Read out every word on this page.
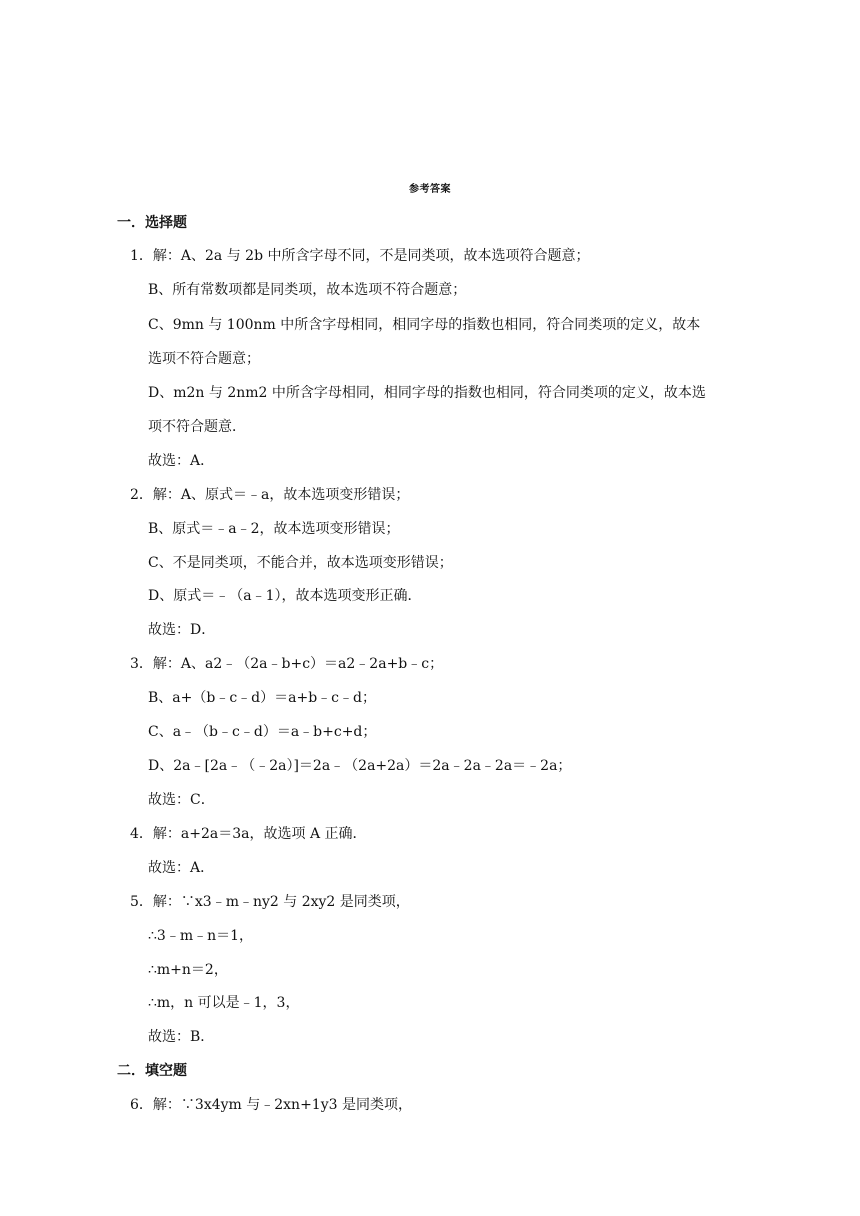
参考答案
一．选择题
1．解：A、2a 与 2b 中所含字母不同，不是同类项，故本选项符合题意；
B、所有常数项都是同类项，故本选项不符合题意；
C、9mn 与 100nm 中所含字母相同，相同字母的指数也相同，符合同类项的定义，故本
选项不符合题意；
D、m2n 与 2nm2 中所含字母相同，相同字母的指数也相同，符合同类项的定义，故本选
项不符合题意．
故选：A．
2．解：A、原式＝﹣a，故本选项变形错误；
B、原式＝﹣a﹣2，故本选项变形错误；
C、不是同类项，不能合并，故本选项变形错误；
D、原式＝﹣（a﹣1），故本选项变形正确．
故选：D．
3．解：A、a2﹣（2a﹣b+c）＝a2﹣2a+b﹣c；
B、a+（b﹣c﹣d）＝a+b﹣c﹣d；
C、a﹣（b﹣c﹣d）＝a﹣b+c+d；
D、2a﹣[2a﹣（﹣2a）]＝2a﹣（2a+2a）＝2a﹣2a﹣2a＝﹣2a；
故选：C．
4．解：a+2a＝3a，故选项 A 正确．
故选：A．
5．解：∵x3﹣m﹣ny2 与 2xy2 是同类项，
∴3﹣m﹣n＝1，
∴m+n＝2，
∴m，n 可以是﹣1，3，
故选：B．
二．填空题
6．解：∵3x4ym 与﹣2xn+1y3 是同类项，
